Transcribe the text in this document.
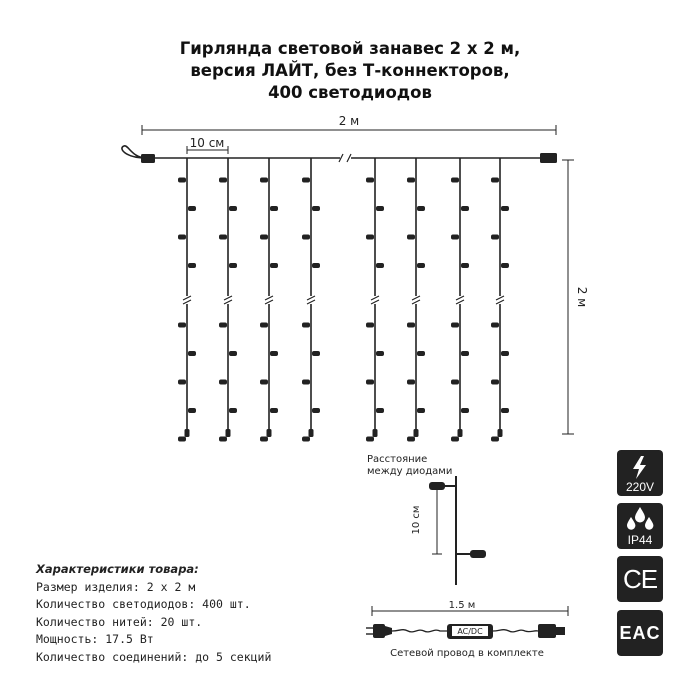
Гирлянда световой занавес 2 х 2 м,
версия ЛАЙТ, без Т-коннекторов,
400 светодиодов
2 м
10 см
2 м
Расстояние
между диодами
10 см
1.5 м
AC/DC
Сетевой провод в комплекте
Характеристики товара:
Размер изделия: 2 х 2 м
Количество светодиодов: 400 шт.
Количество нитей: 20 шт.
Мощность: 17.5 Вт
Количество соединений: до 5 секций
220V
IP44
CE
EAC
